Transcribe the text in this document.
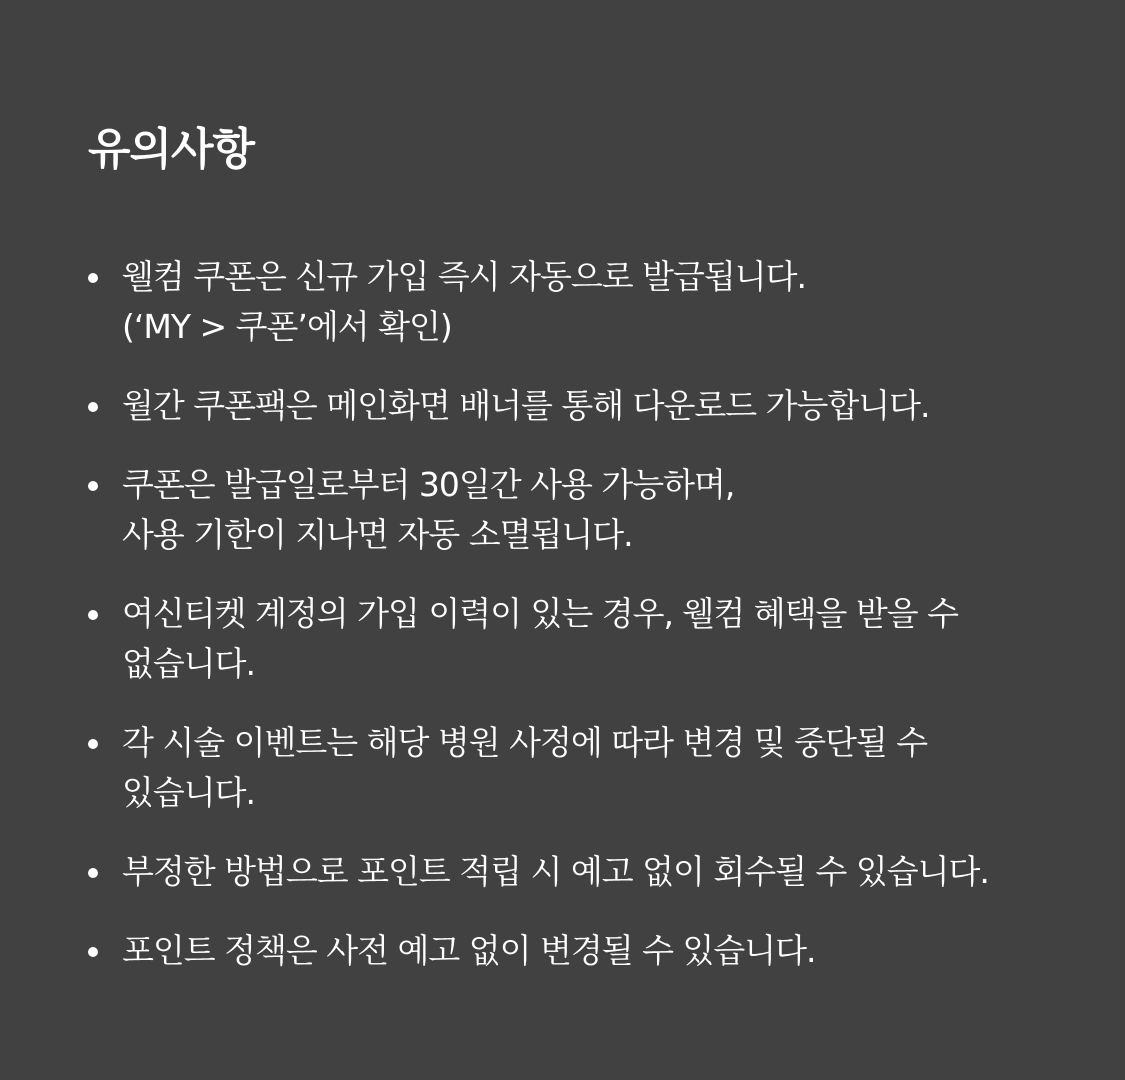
유의사항
웰컴 쿠폰은 신규 가입 즉시 자동으로 발급됩니다.
(‘MY > 쿠폰’에서 확인)
월간 쿠폰팩은 메인화면 배너를 통해 다운로드 가능합니다.
쿠폰은 발급일로부터 30일간 사용 가능하며,
사용 기한이 지나면 자동 소멸됩니다.
여신티켓 계정의 가입 이력이 있는 경우, 웰컴 혜택을 받을 수
없습니다.
각 시술 이벤트는 해당 병원 사정에 따라 변경 및 중단될 수
있습니다.
부정한 방법으로 포인트 적립 시 예고 없이 회수될 수 있습니다.
포인트 정책은 사전 예고 없이 변경될 수 있습니다.
